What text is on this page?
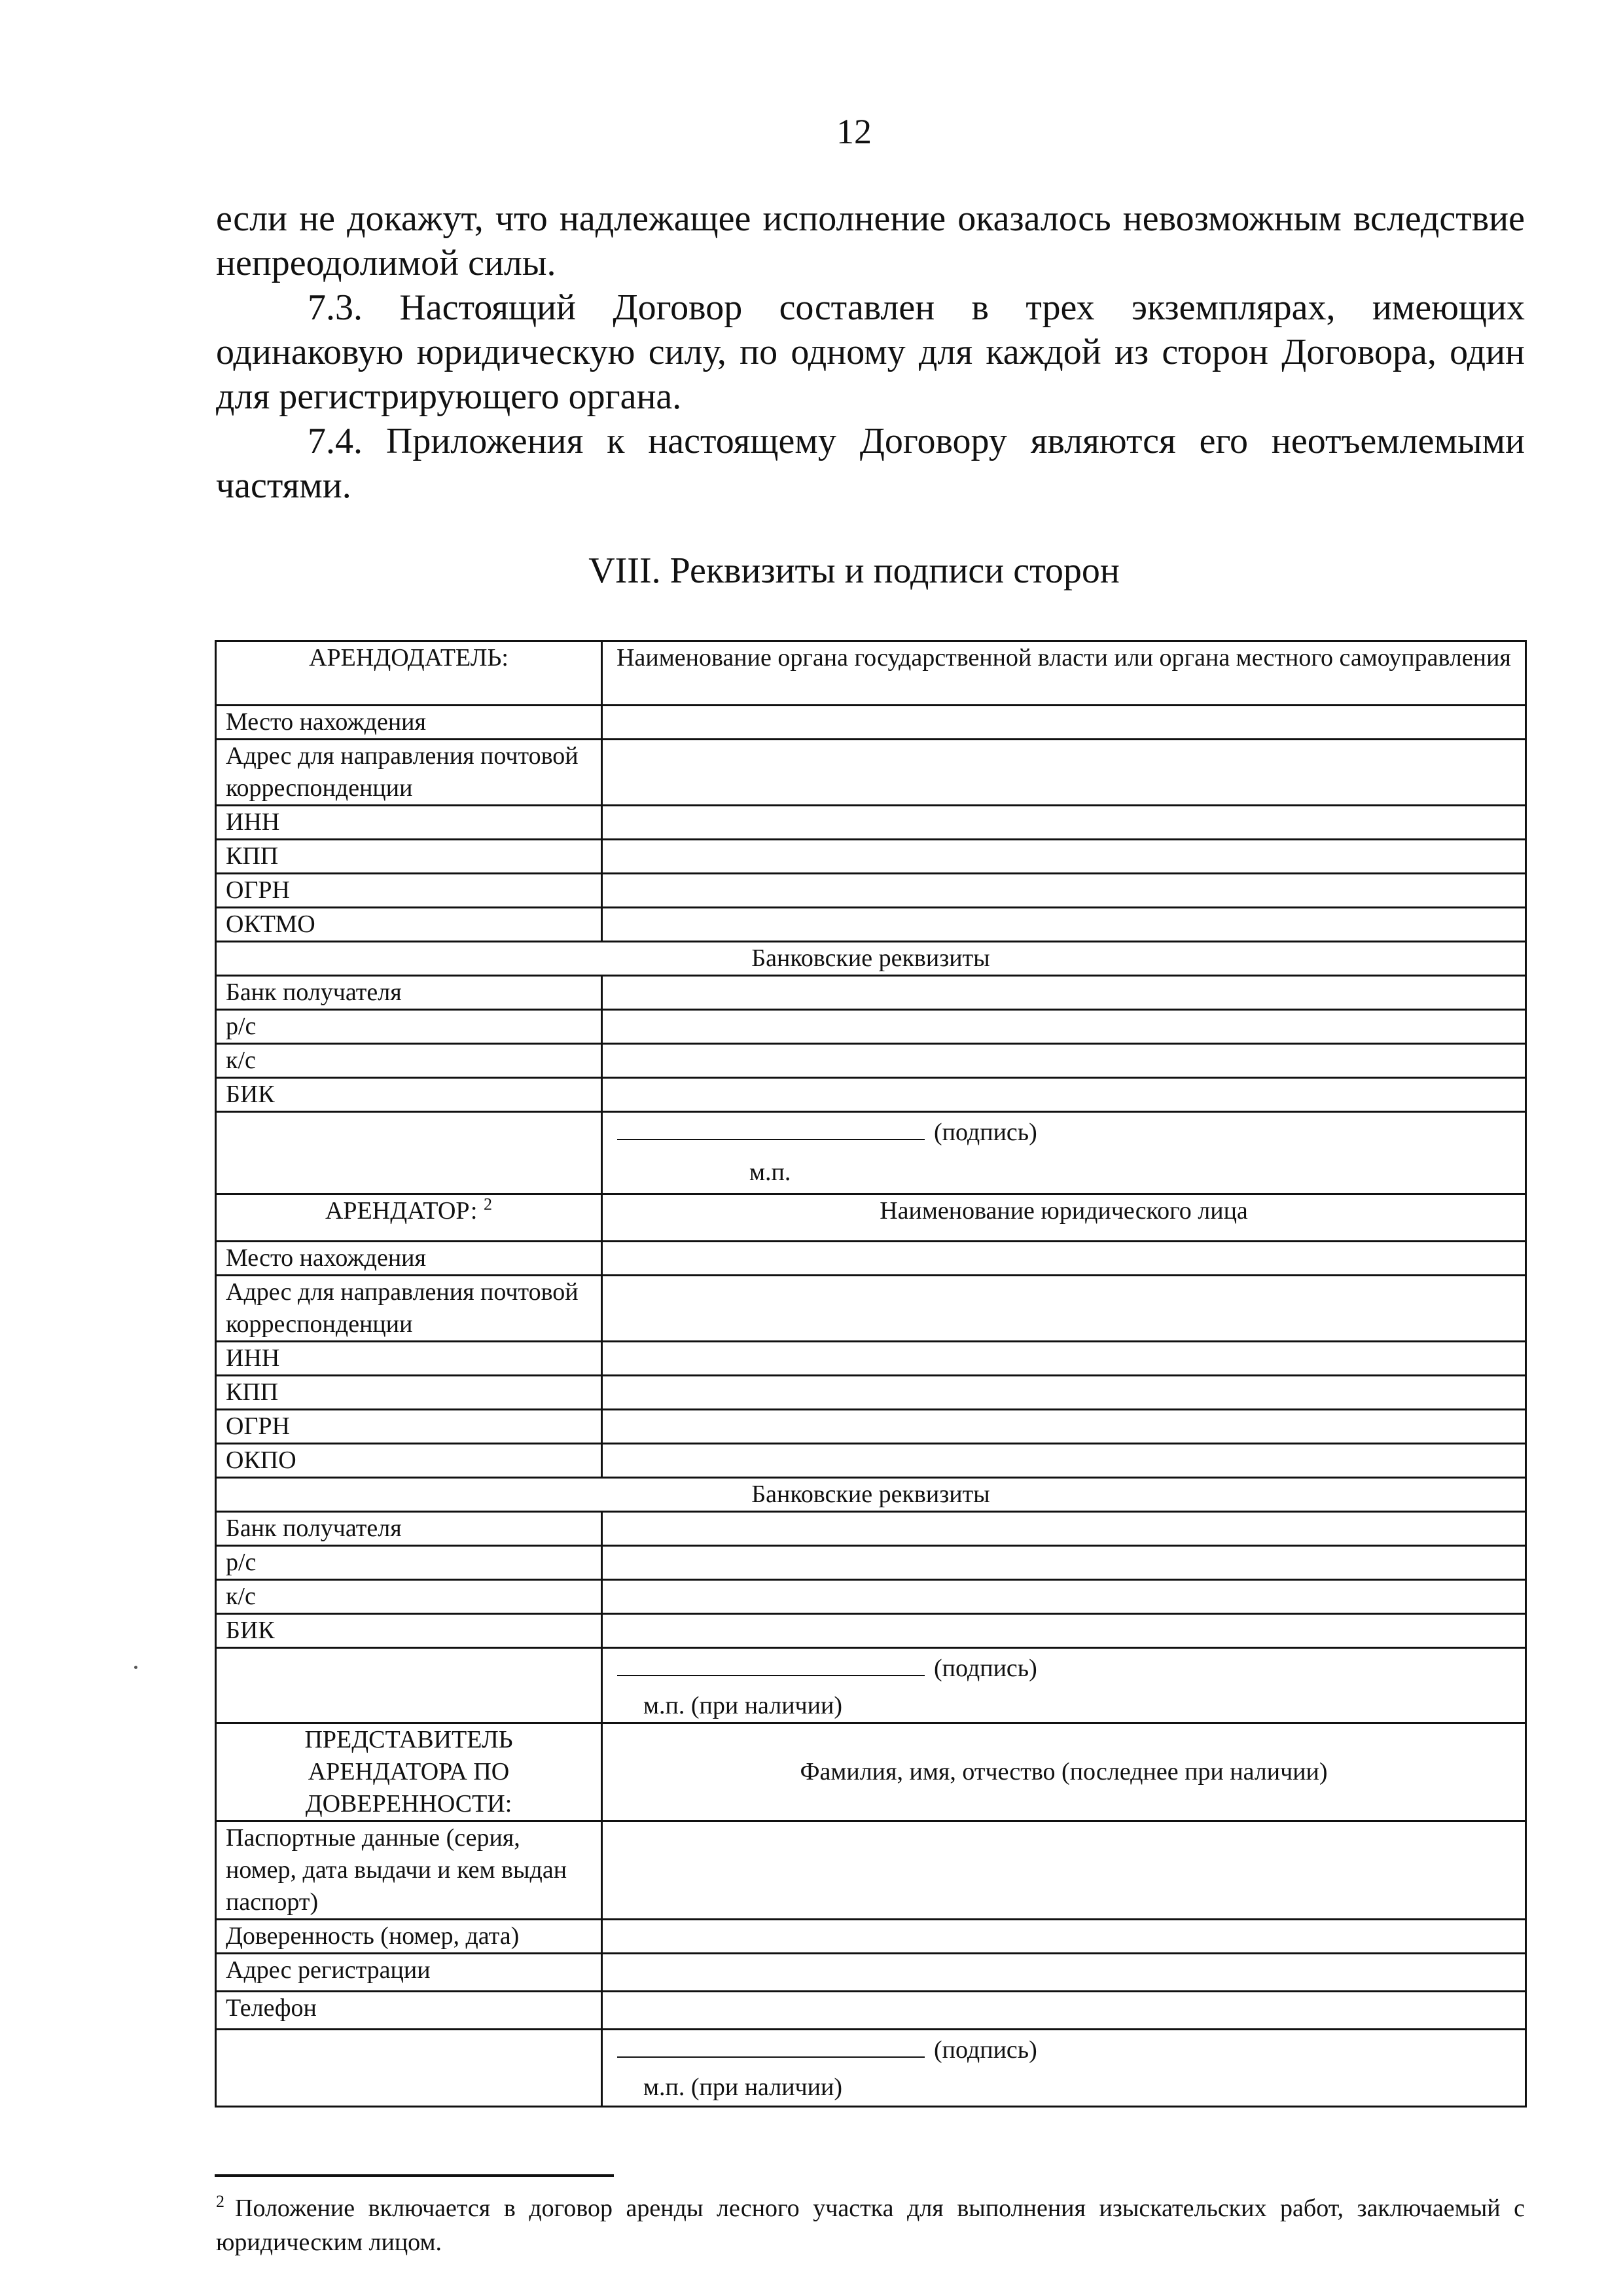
12

если не докажут, что надлежащее исполнение оказалось невозможным вследствие непреодолимой силы.

7.3. Настоящий Договор составлен в трех экземплярах, имеющих одинаковую юридическую силу, по одному для каждой из сторон Договора, один для регистрирующего органа.

7.4. Приложения к настоящему Договору являются его неотъемлемыми частями.

VIII. Реквизиты и подписи сторон
АРЕНДОДАТЕЛЬ:	Наименование органа государственной власти или органа местного самоуправления
Место нахождения	
Адрес для направления почтовой корреспонденции	
ИНН	
КПП	
ОГРН	
ОКТМО	
Банковские реквизиты	
Банк получателя	
р/с	
к/с	
БИК	

	(подпись)
м.п.

АРЕНДАТОР: $^2$	Наименование юридического лица
Место нахождения	
Адрес для направления почтовой корреспонденции	
ИНН	
КПП	
ОГРН	
ОКПО	
Банковские реквизиты	
Банк получателя	
р/с	
к/с	
БИК	

	(подпись)
м.п. (при наличии)

ПРЕДСТАВИТЕЛЬ АРЕНДАТОРА ПО ДОВЕРЕННОСТИ:	Фамилия, имя, отчество (последнее при наличии)
Паспортные данные (серия, номер, дата выдачи и кем выдан паспорт)	
Доверенность (номер, дата)	
Адрес регистрации	
Телефон	

	(подпись)
м.п. (при наличии)
$^2$ Положение включается в договор аренды лесного участка для выполнения изыскательских работ, заключаемый с юридическим лицом.
